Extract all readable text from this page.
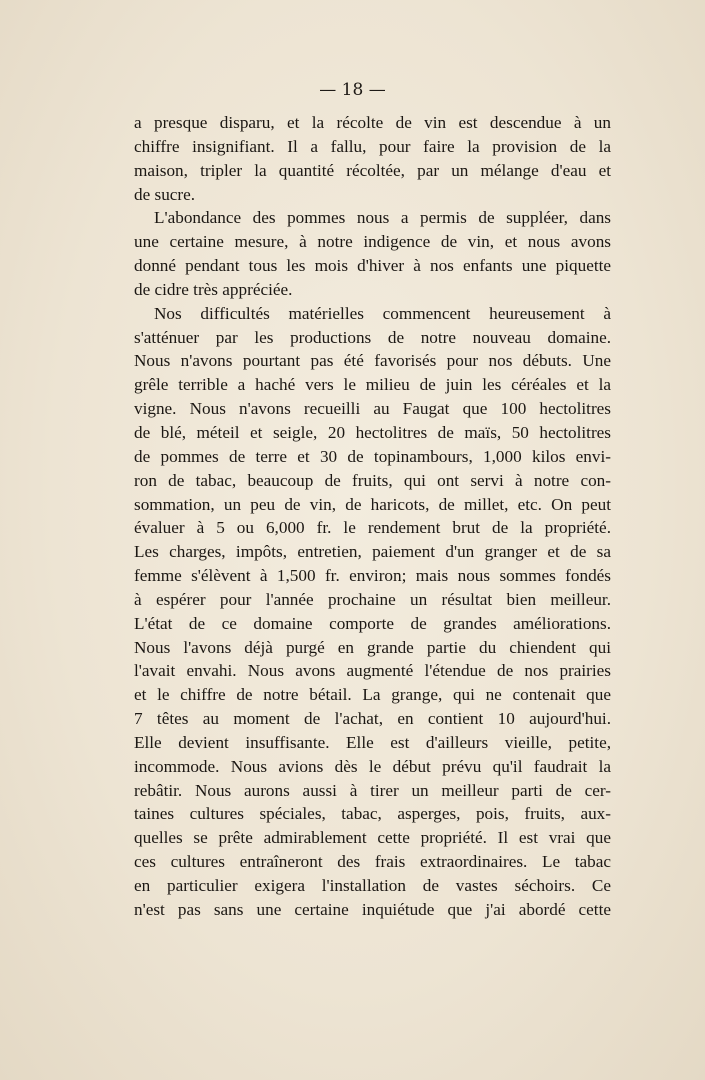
— 18 —
a presque disparu, et la récolte de vin est descendue à un
chiffre insignifiant. Il a fallu, pour faire la provision de la
maison, tripler la quantité récoltée, par un mélange d'eau et
de sucre.
L'abondance des pommes nous a permis de suppléer, dans
une certaine mesure, à notre indigence de vin, et nous avons
donné pendant tous les mois d'hiver à nos enfants une piquette
de cidre très appréciée.
Nos difficultés matérielles commencent heureusement à
s'atténuer par les productions de notre nouveau domaine.
Nous n'avons pourtant pas été favorisés pour nos débuts. Une
grêle terrible a haché vers le milieu de juin les céréales et la
vigne. Nous n'avons recueilli au Faugat que 100 hectolitres
de blé, méteil et seigle, 20 hectolitres de maïs, 50 hectolitres
de pommes de terre et 30 de topinambours, 1,000 kilos envi-
ron de tabac, beaucoup de fruits, qui ont servi à notre con-
sommation, un peu de vin, de haricots, de millet, etc. On peut
évaluer à 5 ou 6,000 fr. le rendement brut de la propriété.
Les charges, impôts, entretien, paiement d'un granger et de sa
femme s'élèvent à 1,500 fr. environ; mais nous sommes fondés
à espérer pour l'année prochaine un résultat bien meilleur.
L'état de ce domaine comporte de grandes améliorations.
Nous l'avons déjà purgé en grande partie du chiendent qui
l'avait envahi. Nous avons augmenté l'étendue de nos prairies
et le chiffre de notre bétail. La grange, qui ne contenait que
7 têtes au moment de l'achat, en contient 10 aujourd'hui.
Elle devient insuffisante. Elle est d'ailleurs vieille, petite,
incommode. Nous avions dès le début prévu qu'il faudrait la
rebâtir. Nous aurons aussi à tirer un meilleur parti de cer-
taines cultures spéciales, tabac, asperges, pois, fruits, aux-
quelles se prête admirablement cette propriété. Il est vrai que
ces cultures entraîneront des frais extraordinaires. Le tabac
en particulier exigera l'installation de vastes séchoirs. Ce
n'est pas sans une certaine inquiétude que j'ai abordé cette
